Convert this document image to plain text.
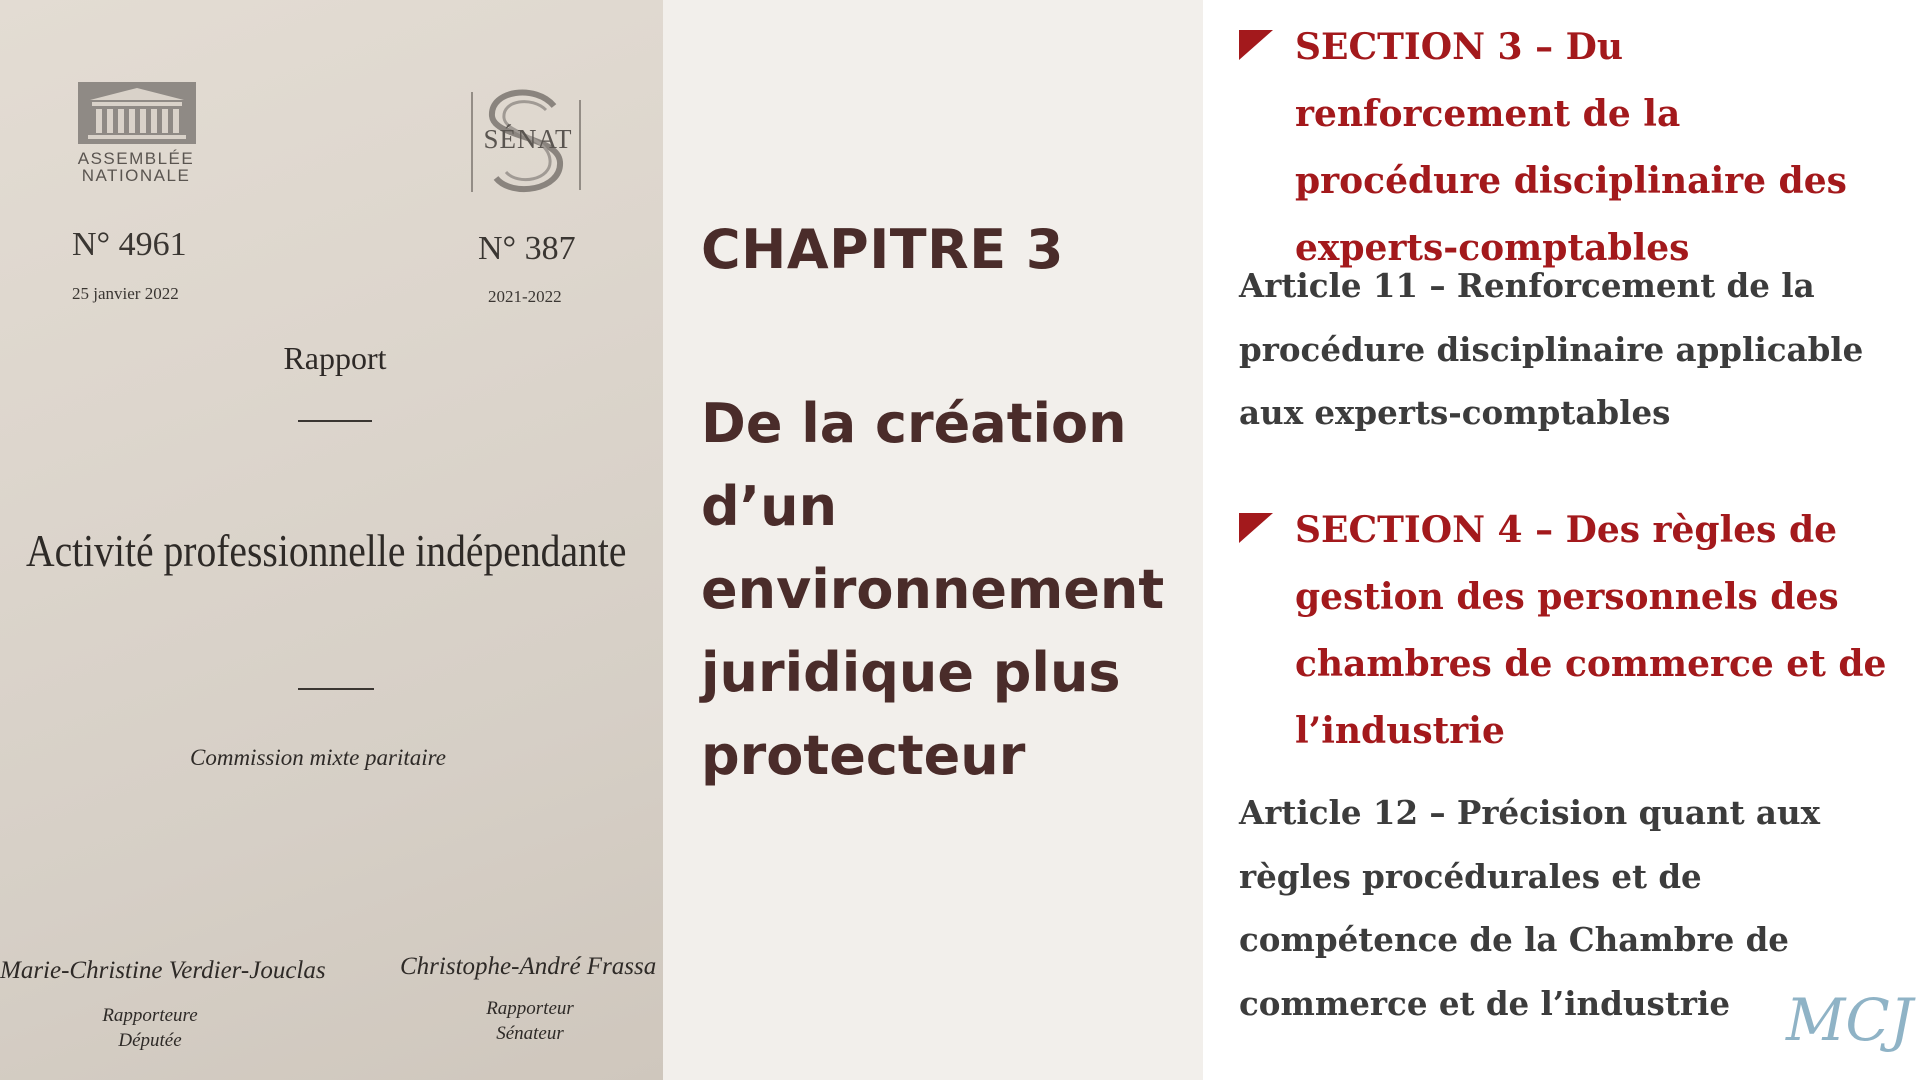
ASSEMBLÉE
NATIONALE
SÉNAT
N° 4961
25 janvier 2022
N° 387
2021-2022
Rapport
Activité professionnelle indépendante
Commission mixte paritaire
Marie-Christine Verdier-Jouclas
Rapporteure
Députée
Christophe-André Frassa
Rapporteur
Sénateur
CHAPITRE 3
De la création d’un environnement juridique plus protecteur
SECTION 3 – Du renforcement de la procédure disciplinaire des experts-comptables
Article 11 – Renforcement de la procédure disciplinaire applicable aux experts-comptables
SECTION 4 – Des règles de gestion des personnels des chambres de commerce et de l’industrie
Article 12 – Précision quant aux règles procédurales et de compétence de la Chambre de commerce et de l’industrie MCJ
